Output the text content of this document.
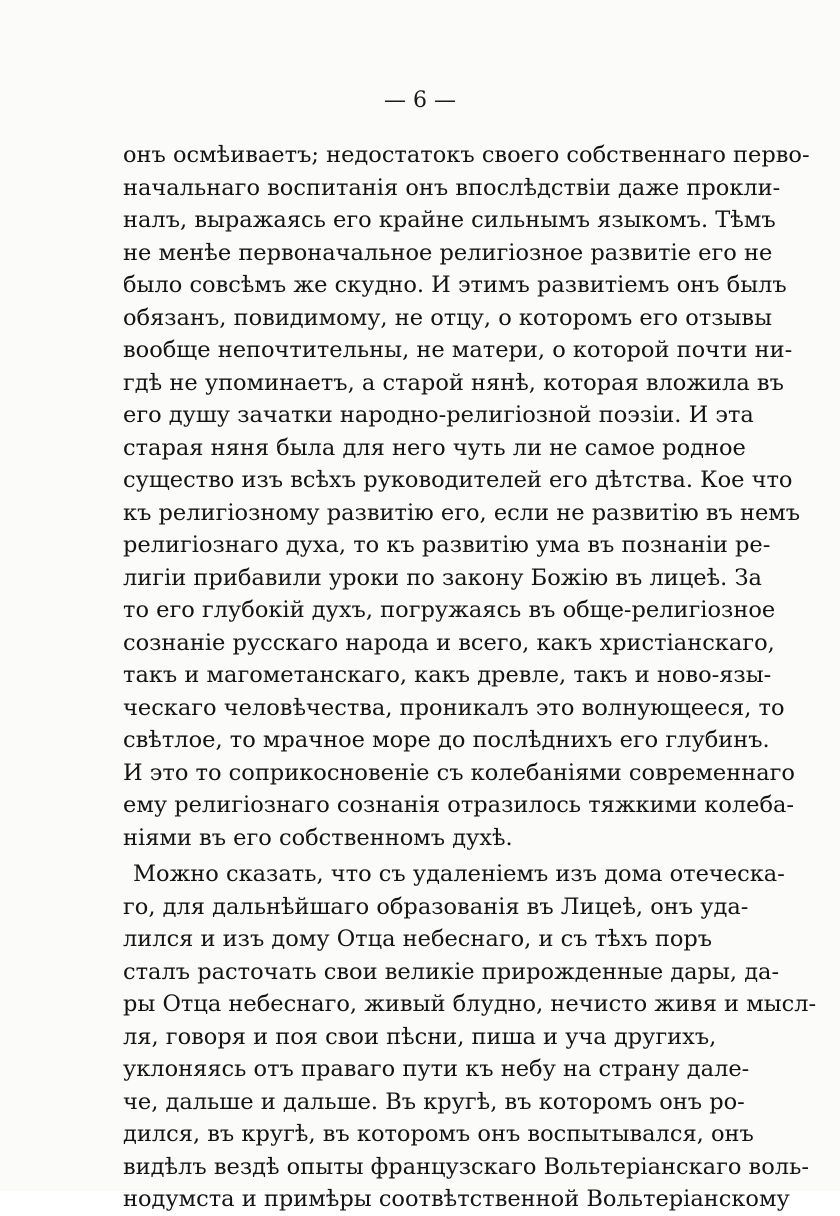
— 6 —
онъ осмѣиваетъ; недостатокъ своего собственнаго перво-
начальнаго воспитанія онъ впослѣдствіи даже прокли-
налъ, выражаясь его крайне сильнымъ языкомъ. Тѣмъ
не менѣе первоначальное религіозное развитіе его не
было совсѣмъ же скудно. И этимъ развитіемъ онъ былъ
обязанъ, повидимому, не отцу, о которомъ его отзывы
вообще непочтительны, не матери, о которой почти ни-
гдѣ не упоминаетъ, а старой нянѣ, которая вложила въ
его душу зачатки народно-религіозной поэзіи. И эта
старая няня была для него чуть ли не самое родное
существо изъ всѣхъ руководителей его дѣтства. Кое что
къ религіозному развитію его, если не развитію въ немъ
религіознаго духа, то къ развитію ума въ познаніи ре-
лигіи прибавили уроки по закону Божію въ лицеѣ. За
то его глубокій духъ, погружаясь въ обще-религіозное
сознаніе русскаго народа и всего, какъ христіанскаго,
такъ и магометанскаго, какъ древле, такъ и ново-язы-
ческаго человѣчества, проникалъ это волнующееся, то
свѣтлое, то мрачное море до послѣднихъ его глубинъ.
И это то соприкосновеніе съ колебаніями современнаго
ему религіознаго сознанія отразилось тяжкими колеба-
ніями въ его собственномъ духѣ.
Можно сказать, что съ удаленіемъ изъ дома отеческа-
го, для дальнѣйшаго образованія въ Лицеѣ, онъ уда-
лился и изъ дому Отца небеснаго, и съ тѣхъ поръ
сталъ расточать свои великіе прирожденные дары, да-
ры Отца небеснаго, живый блудно, нечисто живя и мысл-
ля, говоря и поя свои пѣсни, пиша и уча другихъ,
уклоняясь отъ праваго пути къ небу на страну дале-
че, дальше и дальше. Въ кругѣ, въ которомъ онъ ро-
дился, въ кругѣ, въ которомъ онъ воспытывался, онъ
видѣлъ вездѣ опыты французскаго Вольтеріанскаго воль-
нодумста и примѣры соотвѣтственной Вольтеріанскому
